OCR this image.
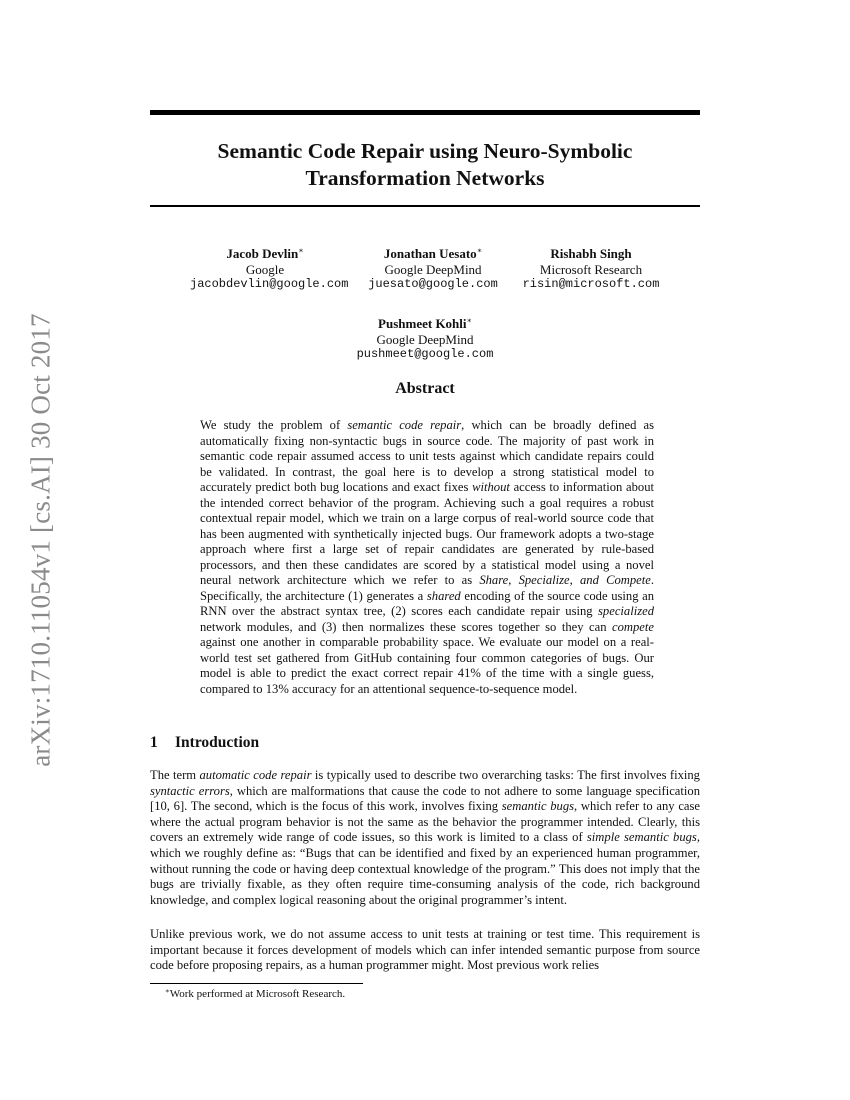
Semantic Code Repair using Neuro-Symbolic
Transformation Networks
arXiv:1710.11054v1 [cs.AI] 30 Oct 2017
Jacob Devlin∗
Google
jacobdevlin@google.com
Jonathan Uesato∗
Google DeepMind
juesato@google.com
Rishabh Singh
Microsoft Research
risin@microsoft.com
Pushmeet Kohli∗
Google DeepMind
pushmeet@google.com
Abstract

We study the problem of semantic code repair, which can be broadly defined as automatically fixing non-syntactic bugs in source code. The majority of past work in semantic code repair assumed access to unit tests against which candidate repairs could be validated. In contrast, the goal here is to develop a strong statistical model to accurately predict both bug locations and exact fixes without access to information about the intended correct behavior of the program. Achieving such a goal requires a robust contextual repair model, which we train on a large corpus of real-world source code that has been augmented with synthetically injected bugs. Our framework adopts a two-stage approach where first a large set of repair candidates are generated by rule-based processors, and then these candidates are scored by a statistical model using a novel neural network architecture which we refer to as Share, Specialize, and Compete. Specifically, the architecture (1) generates a shared encoding of the source code using an RNN over the abstract syntax tree, (2) scores each candidate repair using specialized network modules, and (3) then normalizes these scores together so they can compete against one another in comparable probability space. We evaluate our model on a real-world test set gathered from GitHub containing four common categories of bugs. Our model is able to predict the exact correct repair 41% of the time with a single guess, compared to 13% accuracy for an attentional sequence-to-sequence model.

1 Introduction

The term automatic code repair is typically used to describe two overarching tasks: The first involves fixing syntactic errors, which are malformations that cause the code to not adhere to some language specification [10, 6]. The second, which is the focus of this work, involves fixing semantic bugs, which refer to any case where the actual program behavior is not the same as the behavior the programmer intended. Clearly, this covers an extremely wide range of code issues, so this work is limited to a class of simple semantic bugs, which we roughly define as: “Bugs that can be identified and fixed by an experienced human programmer, without running the code or having deep contextual knowledge of the program.” This does not imply that the bugs are trivially fixable, as they often require time-consuming analysis of the code, rich background knowledge, and complex logical reasoning about the original programmer’s intent.

Unlike previous work, we do not assume access to unit tests at training or test time. This requirement is important because it forces development of models which can infer intended semantic purpose from source code before proposing repairs, as a human programmer might. Most previous work relies

∗Work performed at Microsoft Research.
